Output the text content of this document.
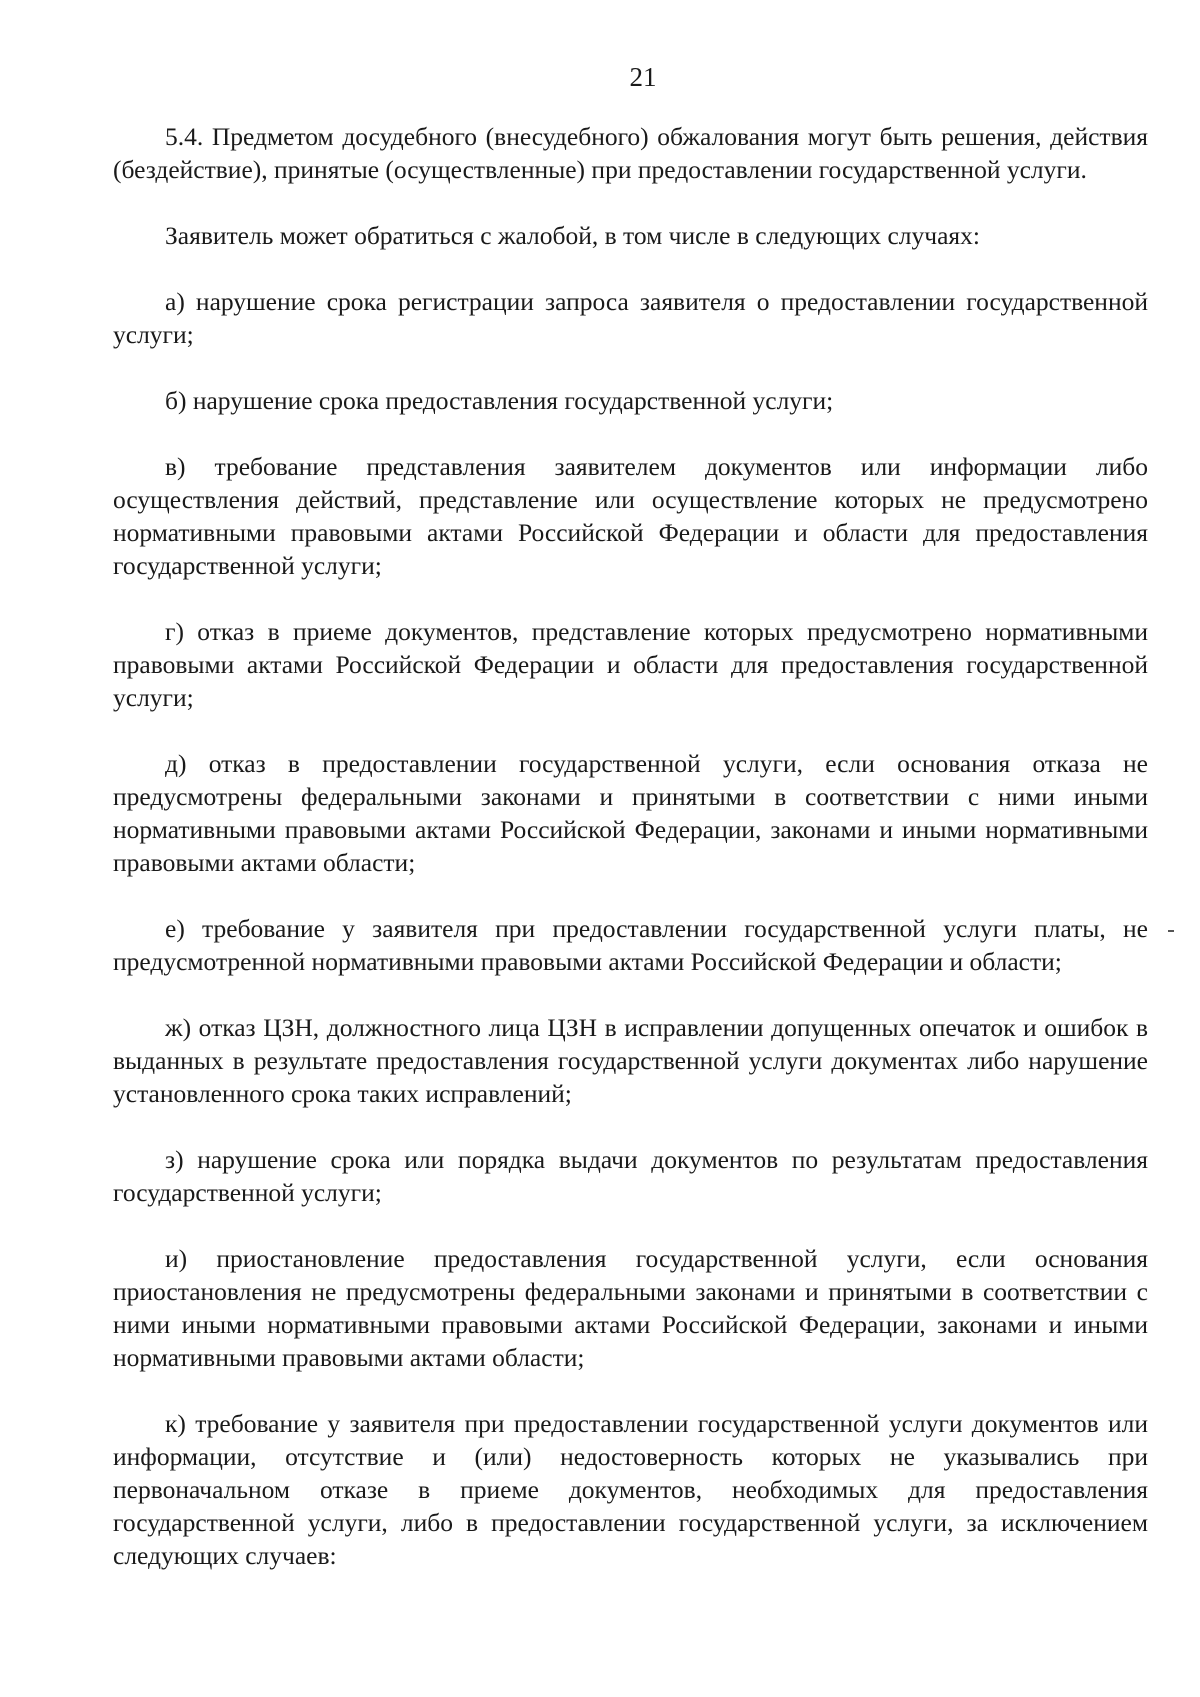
21

5.4. Предметом досудебного (внесудебного) обжалования могут быть решения, действия (бездействие), принятые (осуществленные) при предоставлении государственной услуги.

Заявитель может обратиться с жалобой, в том числе в следующих случаях:

а) нарушение срока регистрации запроса заявителя о предоставлении государственной услуги;

б) нарушение срока предоставления государственной услуги;

в) требование представления заявителем документов или информации либо осуществления действий, представление или осуществление которых не предусмотрено нормативными правовыми актами Российской Федерации и области для предоставления государственной услуги;

г) отказ в приеме документов, представление которых предусмотрено нормативными правовыми актами Российской Федерации и области для предоставления государственной услуги;

д) отказ в предоставлении государственной услуги, если основания отказа не предусмотрены федеральными законами и принятыми в соответствии с ними иными нормативными правовыми актами Российской Федерации, законами и иными нормативными правовыми актами области;

е) требование у заявителя при предоставлении государственной услуги платы, не предусмотренной нормативными правовыми актами Российской Федерации и области;

ж) отказ ЦЗН, должностного лица ЦЗН в исправлении допущенных опечаток и ошибок в выданных в результате предоставления государственной услуги документах либо нарушение установленного срока таких исправлений;

з) нарушение срока или порядка выдачи документов по результатам предоставления государственной услуги;

и) приостановление предоставления государственной услуги, если основания приостановления не предусмотрены федеральными законами и принятыми в соответствии с ними иными нормативными правовыми актами Российской Федерации, законами и иными нормативными правовыми актами области;

к) требование у заявителя при предоставлении государственной услуги документов или информации, отсутствие и (или) недостоверность которых не указывались при первоначальном отказе в приеме документов, необходимых для предоставления государственной услуги, либо в предоставлении государственной услуги, за исключением следующих случаев:
